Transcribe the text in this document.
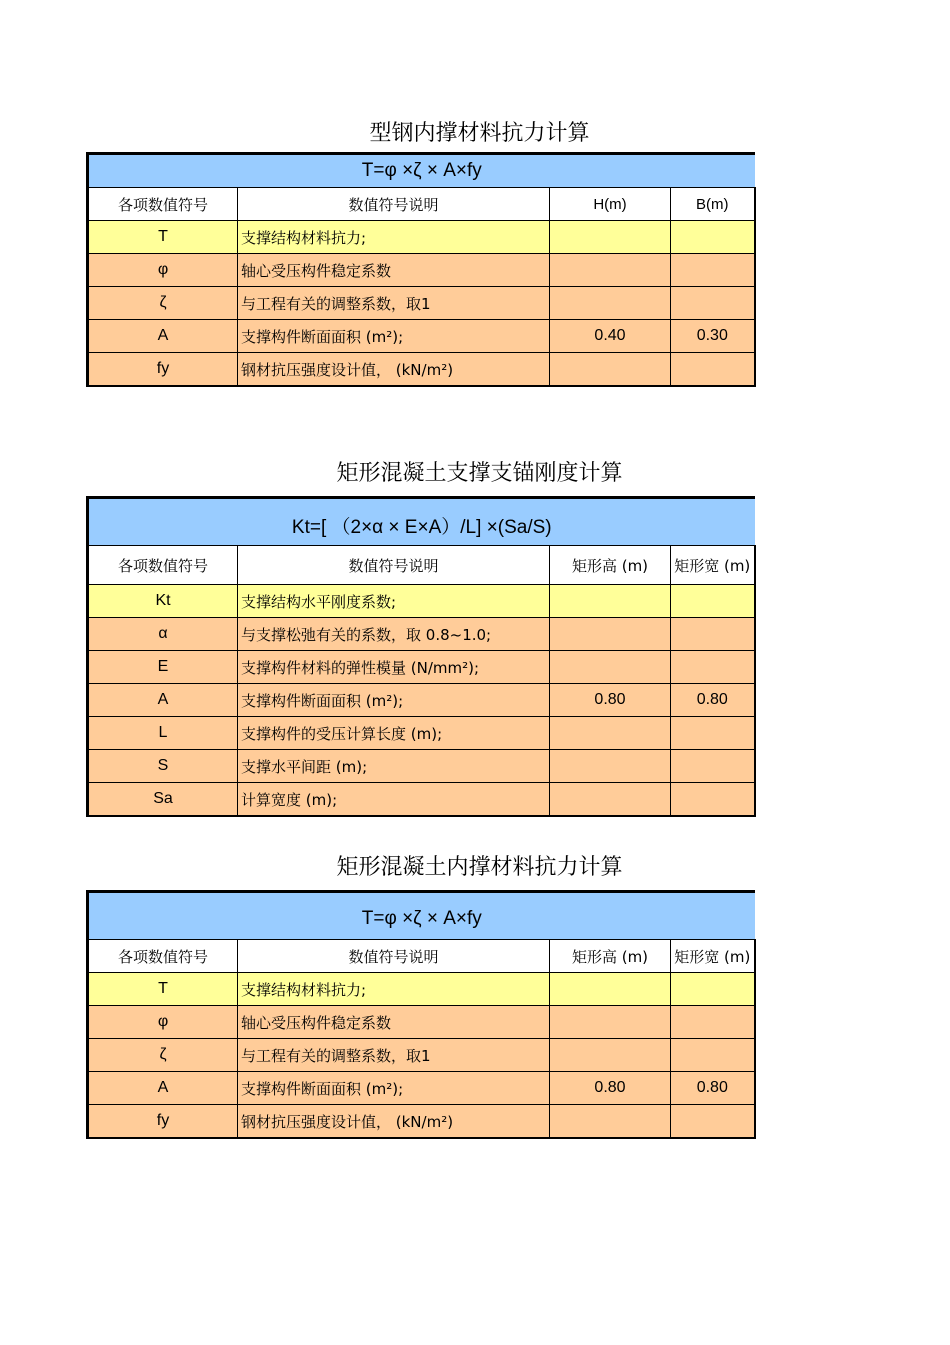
型钢内撑材料抗力计算
T=φ ×ζ × A×fy			
各项数值符号	数值符号说明	H(m)	B(m)
T	支撑结构材料抗力;		
φ	轴心受压构件稳定系数		
ζ	与工程有关的调整系数，取1		
A	支撑构件断面面积 (m²);	0.40	0.30
fy	钢材抗压强度设计值， (kN/m²)		
矩形混凝土支撑支锚刚度计算
Kt=[ （2×α × E×A）/L] ×(Sa/S)			
各项数值符号	数值符号说明	矩形高 (m)	矩形宽 (m)
Kt	支撑结构水平刚度系数;		
α	与支撑松弛有关的系数，取 0.8~1.0;		
E	支撑构件材料的弹性模量 (N/mm²);		
A	支撑构件断面面积 (m²);	0.80	0.80
L	支撑构件的受压计算长度 (m);		
S	支撑水平间距 (m);		
Sa	计算宽度 (m);		
矩形混凝土内撑材料抗力计算
T=φ ×ζ × A×fy			
各项数值符号	数值符号说明	矩形高 (m)	矩形宽 (m)
T	支撑结构材料抗力;		
φ	轴心受压构件稳定系数		
ζ	与工程有关的调整系数，取1		
A	支撑构件断面面积 (m²);	0.80	0.80
fy	钢材抗压强度设计值， (kN/m²)		
